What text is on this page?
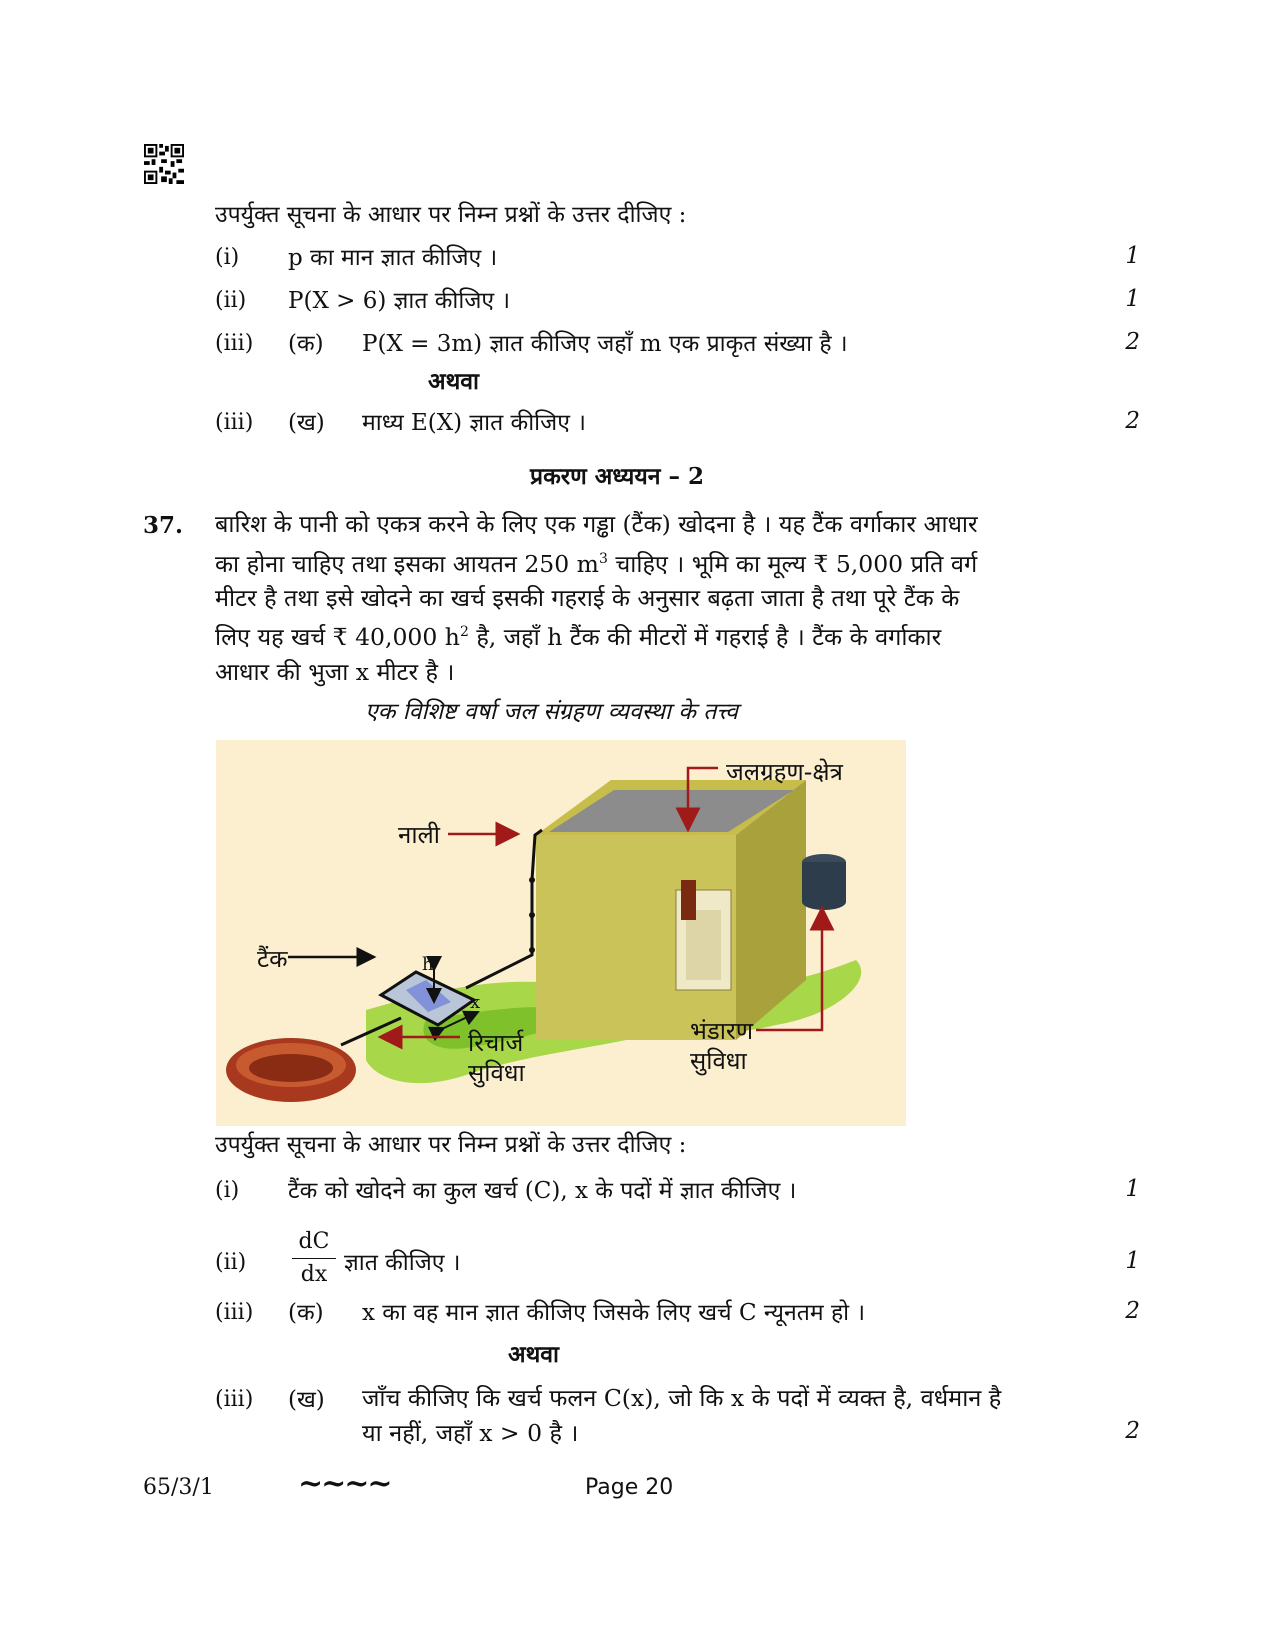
उपर्युक्त सूचना के आधार पर निम्न प्रश्नों के उत्तर दीजिए :
(i) p का मान ज्ञात कीजिए ।	1
(ii) P(X > 6) ज्ञात कीजिए ।	1
(iii) (क) P(X = 3m) ज्ञात कीजिए जहाँ m एक प्राकृत संख्या है ।	2
अथवा
(iii) (ख) माध्य E(X) ज्ञात कीजिए ।	2
प्रकरण अध्ययन – 2
37. बारिश के पानी को एकत्र करने के लिए एक गड्ढा (टैंक) खोदना है । यह टैंक वर्गाकार आधार
का होना चाहिए तथा इसका आयतन 250 $m^3$ चाहिए । भूमि का मूल्य ₹ 5,000 प्रति वर्ग
मीटर है तथा इसे खोदने का खर्च इसकी गहराई के अनुसार बढ़ता जाता है तथा पूरे टैंक के
लिए यह खर्च ₹ 40,000 $h^2$ है, जहाँ h टैंक की मीटरों में गहराई है । टैंक के वर्गाकार
आधार की भुजा x मीटर है ।
एक विशिष्ट वर्षा जल संग्रहण व्यवस्था के तत्त्व
जलग्रहण-क्षेत्र
नाली
टैंक	h
x
रिचार्ज
सुविधा
भंडारण
सुविधा
उपर्युक्त सूचना के आधार पर निम्न प्रश्नों के उत्तर दीजिए :
(i) टैंक को खोदने का कुल खर्च (C), x के पदों में ज्ञात कीजिए ।	1
(ii)
dC
dx ज्ञात कीजिए ।	1
(iii) (क) x का वह मान ज्ञात कीजिए जिसके लिए खर्च C न्यूनतम हो ।	2
अथवा
(iii) (ख) जाँच कीजिए कि खर्च फलन C(x), जो कि x के पदों में व्यक्त है, वर्धमान है
या नहीं, जहाँ x > 0 है ।	2
65/3/1	~~~~	Page 20
